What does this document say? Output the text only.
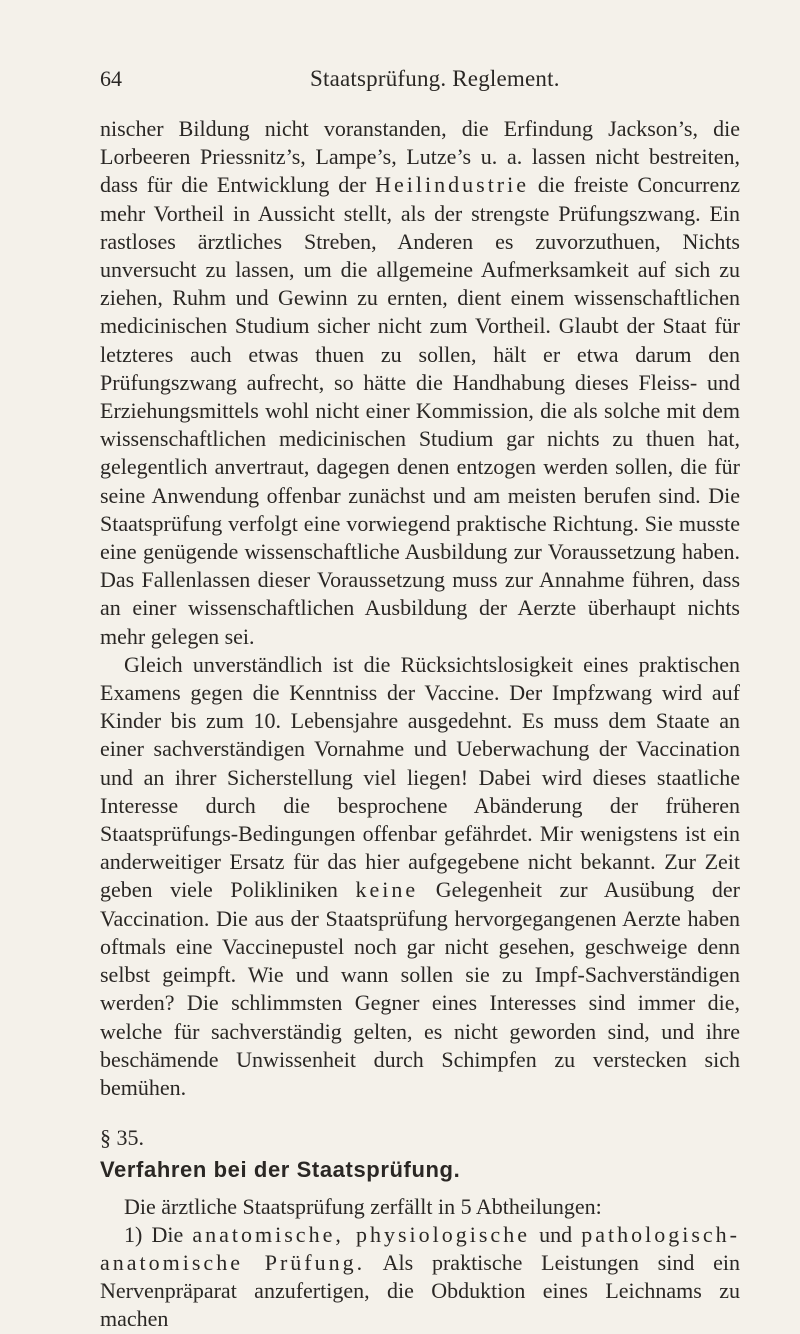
64	Staatsprüfung. Reglement.

nischer Bildung nicht voranstanden, die Erfindung Jackson’s, die Lorbeeren Priessnitz’s, Lampe’s, Lutze’s u. a. lassen nicht bestreiten, dass für die Entwicklung der Heilindustrie die freiste Concurrenz mehr Vortheil in Aussicht stellt, als der strengste Prüfungszwang. Ein rastloses ärztliches Streben, Anderen es zuvorzuthuen, Nichts unversucht zu lassen, um die allgemeine Aufmerksamkeit auf sich zu ziehen, Ruhm und Gewinn zu ernten, dient einem wissenschaftlichen medicinischen Studium sicher nicht zum Vortheil. Glaubt der Staat für letzteres auch etwas thuen zu sollen, hält er etwa darum den Prüfungszwang aufrecht, so hätte die Handhabung dieses Fleiss- und Erziehungsmittels wohl nicht einer Kommission, die als solche mit dem wissenschaftlichen medicinischen Studium gar nichts zu thuen hat, gelegentlich anvertraut, dagegen denen entzogen werden sollen, die für seine Anwendung offenbar zunächst und am meisten berufen sind. Die Staatsprüfung verfolgt eine vorwiegend praktische Richtung. Sie musste eine genügende wissenschaftliche Ausbildung zur Voraussetzung haben. Das Fallenlassen dieser Voraussetzung muss zur Annahme führen, dass an einer wissenschaftlichen Ausbildung der Aerzte überhaupt nichts mehr gelegen sei.

Gleich unverständlich ist die Rücksichtslosigkeit eines praktischen Examens gegen die Kenntniss der Vaccine. Der Impfzwang wird auf Kinder bis zum 10. Lebensjahre ausgedehnt. Es muss dem Staate an einer sachverständigen Vornahme und Ueberwachung der Vaccination und an ihrer Sicherstellung viel liegen! Dabei wird dieses staatliche Interesse durch die besprochene Abänderung der früheren Staatsprüfungs-Bedingungen offenbar gefährdet. Mir wenigstens ist ein anderweitiger Ersatz für das hier aufgegebene nicht bekannt. Zur Zeit geben viele Polikliniken keine Gelegenheit zur Ausübung der Vaccination. Die aus der Staatsprüfung hervorgegangenen Aerzte haben oftmals eine Vaccinepustel noch gar nicht gesehen, geschweige denn selbst geimpft. Wie und wann sollen sie zu Impf-Sachverständigen werden? Die schlimmsten Gegner eines Interesses sind immer die, welche für sachverständig gelten, es nicht geworden sind, und ihre beschämende Unwissenheit durch Schimpfen zu verstecken sich bemühen.

§ 35.
Verfahren bei der Staatsprüfung.

Die ärztliche Staatsprüfung zerfällt in 5 Abtheilungen:

1) Die anatomische, physiologische und pathologisch-anatomische Prüfung. Als praktische Leistungen sind ein Nervenpräparat anzufertigen, die Obduktion eines Leichnams zu machen
